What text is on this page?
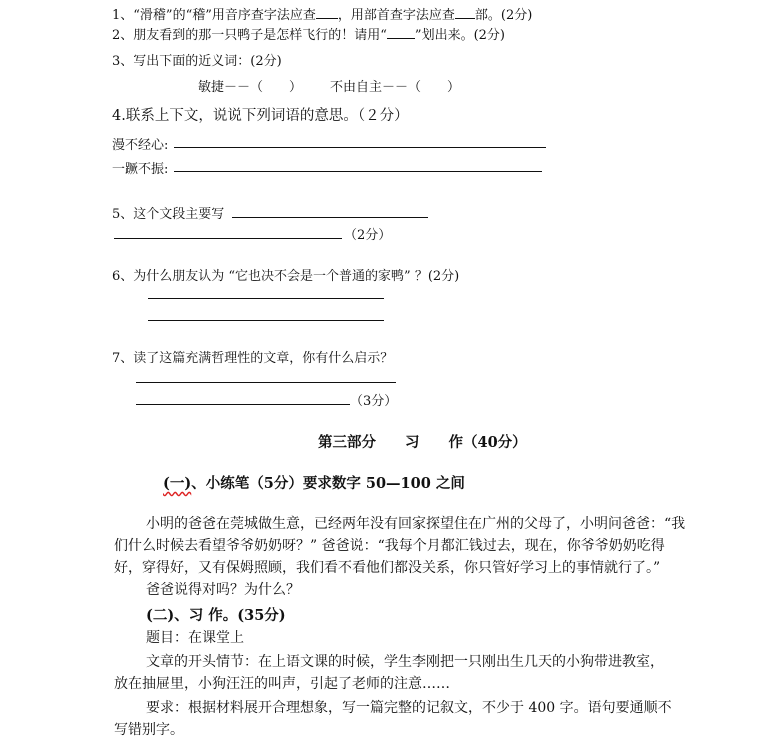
1、“滑稽”的“稽”用音序查字法应查 ，用部首查字法应查 部。(2分)
2、朋友看到的那一只鸭子是怎样飞行的！请用“ ”划出来。(2分)
3、写出下面的近义词：(2分)
敏捷－－（　　） 不由自主－－（　　）
4.联系上下文，说说下列词语的意思。（２分）
漫不经心:
一蹶不振:
5、这个文段主要写
（2分）
6、为什么朋友认为 “它也决不会是一个普通的家鸭” ？(2分)
7、读了这篇充满哲理性的文章，你有什么启示？
（3分）
第三部分　　习　　作（40分）
(一)、小练笔（5分）要求数字 50—100 之间
小明的爸爸在莞城做生意，已经两年没有回家探望住在广州的父母了，小明问爸爸：“我
们什么时候去看望爷爷奶奶呀？” 爸爸说：“我每个月都汇钱过去，现在，你爷爷奶奶吃得
好，穿得好，又有保姆照顾，我们看不看他们都没关系，你只管好学习上的事情就行了。”
爸爸说得对吗？为什么？
(二)、习 作。(35分)
题目：在课堂上
文章的开头情节：在上语文课的时候，学生李刚把一只刚出生几天的小狗带进教室，
放在抽屉里，小狗汪汪的叫声，引起了老师的注意……
要求：根据材料展开合理想象，写一篇完整的记叙文，不少于 400 字。语句要通顺不
写错别字。
